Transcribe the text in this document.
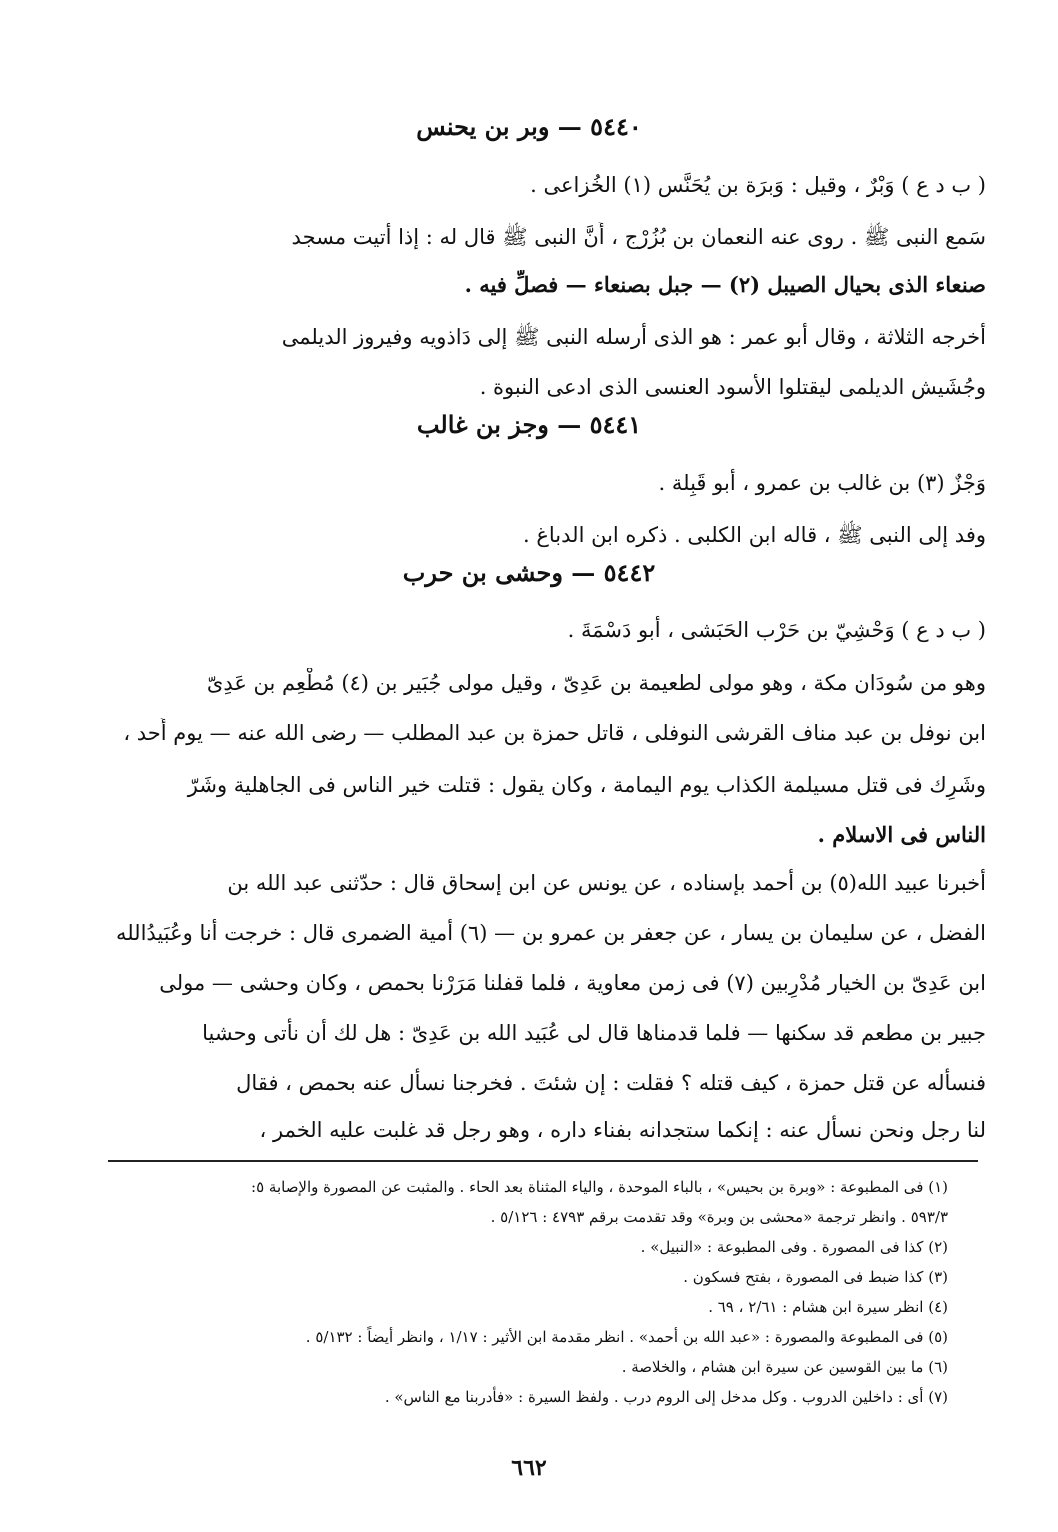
٥٤٤٠ — وبر بن يحنس
( ب د ع ) وَبْرٌ ، وقيل : وَبرَة بن يُحَنَّس (١) الخُزاعى .
سَمع النبى ﷺ . روى عنه النعمان بن بُزُرْج ، أَنَّ النبى ﷺ قال له : إذا أتيت مسجد
صنعاء الذى بحيال الصيبل (٢) — جبل بصنعاء — فصلِّ فيه .
أخرجه الثلاثة ، وقال أبو عمر : هو الذى أرسله النبى ﷺ إلى دَاذويه وفيروز الديلمى
وجُشَيش الديلمى ليقتلوا الأسود العنسى الذى ادعى النبوة .
٥٤٤١ — وجز بن غالب
وَجْزٌ (٣) بن غالب بن عمرو ، أبو قَبِلة .
وفد إلى النبى ﷺ ، قاله ابن الكلبى . ذكره ابن الدباغ .
٥٤٤٢ — وحشى بن حرب
( ب د ع ) وَحْشِيّ بن حَرْب الحَبَشى ، أبو دَسْمَةَ .
وهو من سُودَان مكة ، وهو مولى لطعيمة بن عَدِىّ ، وقيل مولى جُبَير بن (٤) مُطْعِم بن عَدِىّ
ابن نوفل بن عبد مناف القرشى النوفلى ، قاتل حمزة بن عبد المطلب — رضى الله عنه — يوم أُحد ،
وشَرِك فى قتل مسيلمة الكذاب يوم اليمامة ، وكان يقول : قتلت خير الناس فى الجاهلية وشَرّ
الناس فى الاسلام .
أخبرنا عبيد الله(٥) بن أحمد بإسناده ، عن يونس عن ابن إسحاق قال : حدّثنى عبد الله بن
الفضل ، عن سليمان بن يسار ، عن جعفر بن عمرو بن — (٦) أمية الضمرى قال : خرجت أنا وعُبَيدُالله
ابن عَدِىّ بن الخيار مُدْرِبين (٧) فى زمن معاوية ، فلما قفلنا مَرَرْنا بحمص ، وكان وحشى — مولى
جبير بن مطعم قد سكنها — فلما قدمناها قال لى عُبَيد الله بن عَدِىّ : هل لك أن نأتى وحشيا
فنسأله عن قتل حمزة ، كيف قتله ؟ فقلت : إن شئتَ . فخرجنا نسأل عنه بحمص ، فقال
لنا رجل ونحن نسأل عنه : إنكما ستجدانه بفناء داره ، وهو رجل قد غلبت عليه الخمر ،
(١) فى المطبوعة : «وبرة بن بحيس» ، بالباء الموحدة ، والياء المثناة بعد الحاء . والمثبت عن المصورة والإصابة ٥:
٥٩٣/٣ . وانظر ترجمة «محشى بن وبرة» وقد تقدمت برقم ٤٧٩٣ : ٥/١٢٦ .
(٢) كذا فى المصورة . وفى المطبوعة : «النبيل» .
(٣) كذا ضبط فى المصورة ، بفتح فسكون .
(٤) انظر سيرة ابن هشام : ٢/٦١ ، ٦٩ .
(٥) فى المطبوعة والمصورة : «عبد الله بن أحمد» . انظر مقدمة ابن الأثير : ١/١٧ ، وانظر أيضاً : ٥/١٣٢ .
(٦) ما بين القوسين عن سيرة ابن هشام ، والخلاصة .
(٧) أى : داخلين الدروب . وكل مدخل إلى الروم درب . ولفظ السيرة : «فأدربنا مع الناس» .
٦٦٢
